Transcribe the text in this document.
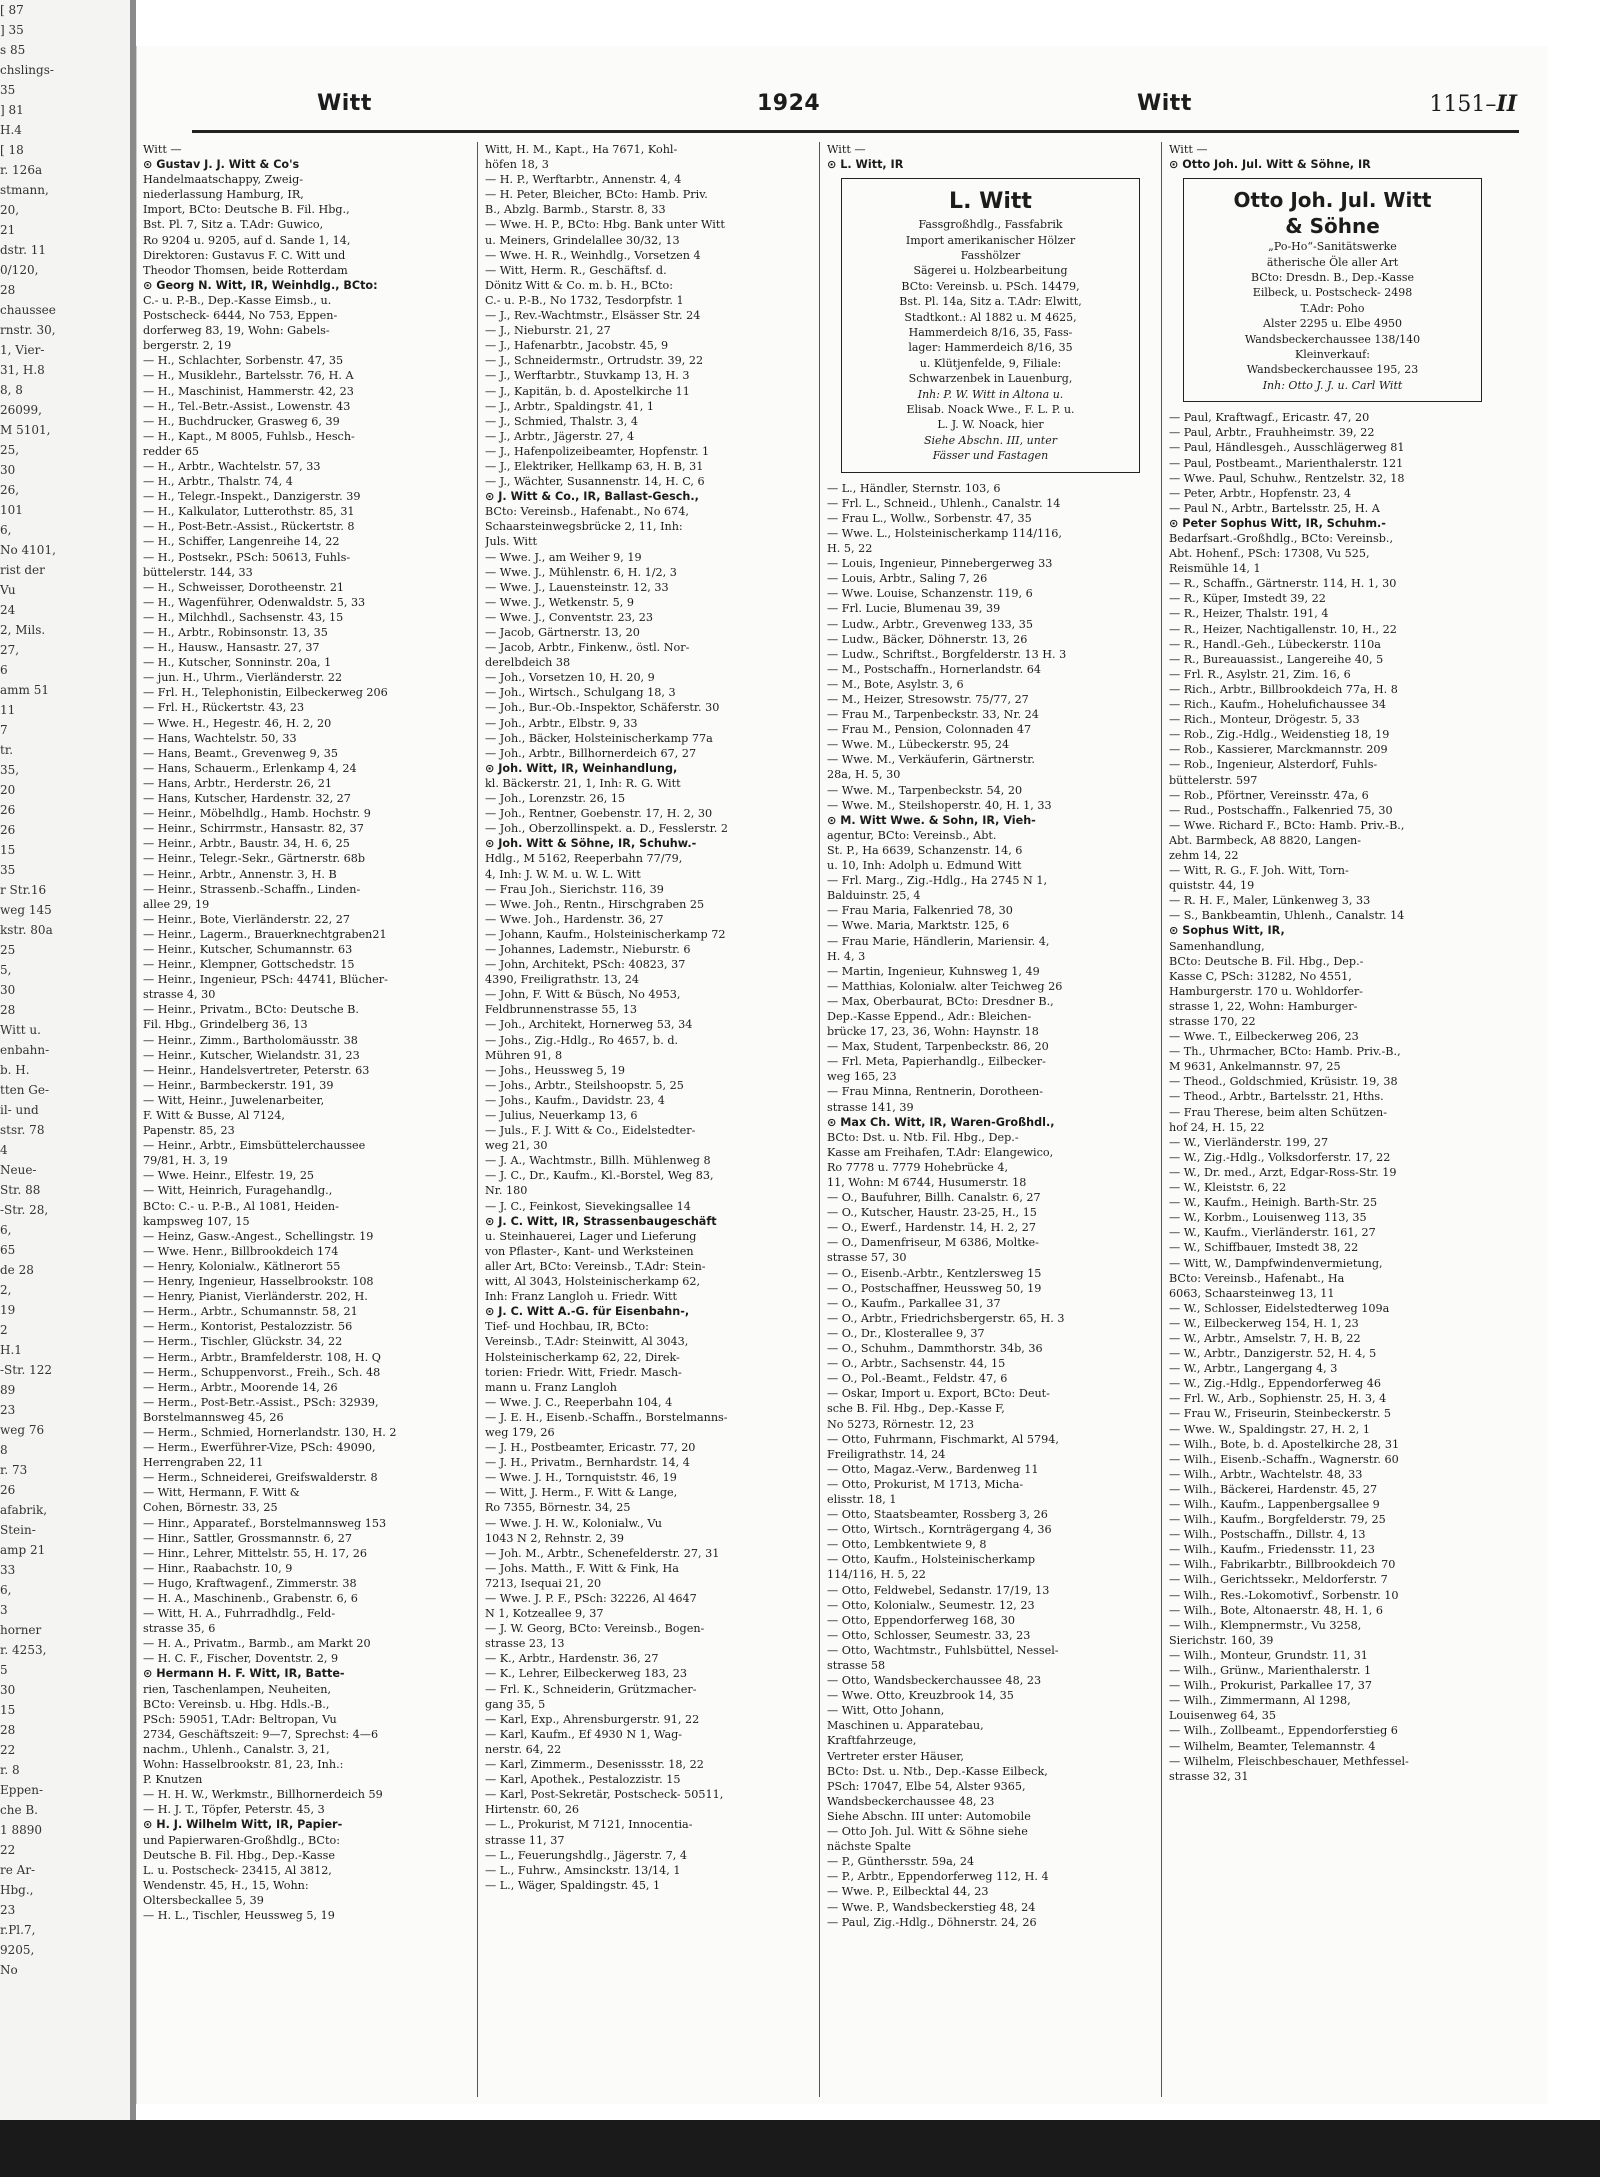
[ 87
] 35
s 85
chslings-
35
] 81
H.4
[ 18
r. 126a
stmann,
20,
21
dstr. 11
0/120,
28
chaussee
rnstr. 30,
1, Vier-
31, H.8
8, 8
26099,
M 5101,
25,
30
26,
101
6,
No 4101,
rist der
Vu
24
2, Mils.
27,
6
amm 51
11
7
tr.
35,
20
26
26
15
35
r Str.16
weg 145
kstr. 80a
25
5,
30
28
Witt u.
enbahn-
b. H.
tten Ge-
il- und
stsr. 78
4
Neue-
Str. 88
-Str. 28,
6,
65
de 28
2,
19
2
H.1
-Str. 122
89
23
weg 76
8
r. 73
26
afabrik,
Stein-
amp 21
33
6,
3
horner
r. 4253,
5
30
15
28
22
r. 8
Eppen-
che B.
1 8890
22
re Ar-
Hbg.,
23
r.Pl.7,
9205,
No
Witt	1924	Witt	1151–II
Witt —
⊙ Gustav J. J. Witt & Co's
Handelmaatschappy, Zweig-
niederlassung Hamburg, IR,
Import, BCto: Deutsche B. Fil. Hbg.,
Bst. Pl. 7, Sitz a. T.Adr: Guwico,
Ro 9204 u. 9205, auf d. Sande 1, 14,
Direktoren: Gustavus F. C. Witt und
Theodor Thomsen, beide Rotterdam
⊙ Georg N. Witt, IR, Weinhdlg., BCto:
C.- u. P.-B., Dep.-Kasse Eimsb., u.
Postscheck- 6444, No 753, Eppen-
dorferweg 83, 19, Wohn: Gabels-
bergerstr. 2, 19
— H., Schlachter, Sorbenstr. 47, 35
— H., Musiklehr., Bartelsstr. 76, H. A
— H., Maschinist, Hammerstr. 42, 23
— H., Tel.-Betr.-Assist., Lowenstr. 43
— H., Buchdrucker, Grasweg 6, 39
— H., Kapt., M 8005, Fuhlsb., Hesch-
redder 65
— H., Arbtr., Wachtelstr. 57, 33
— H., Arbtr., Thalstr. 74, 4
— H., Telegr.-Inspekt., Danzigerstr. 39
— H., Kalkulator, Lutterothstr. 85, 31
— H., Post-Betr.-Assist., Rückertstr. 8
— H., Schiffer, Langenreihe 14, 22
— H., Postsekr., PSch: 50613, Fuhls-
büttelerstr. 144, 33
— H., Schweisser, Dorotheenstr. 21
— H., Wagenführer, Odenwaldstr. 5, 33
— H., Milchhdl., Sachsenstr. 43, 15
— H., Arbtr., Robinsonstr. 13, 35
— H., Hausw., Hansastr. 27, 37
— H., Kutscher, Sonninstr. 20a, 1
— jun. H., Uhrm., Vierländerstr. 22
— Frl. H., Telephonistin, Eilbeckerweg 206
— Frl. H., Rückertstr. 43, 23
— Wwe. H., Hegestr. 46, H. 2, 20
— Hans, Wachtelstr. 50, 33
— Hans, Beamt., Grevenweg 9, 35
— Hans, Schauerm., Erlenkamp 4, 24
— Hans, Arbtr., Herderstr. 26, 21
— Hans, Kutscher, Hardenstr. 32, 27
— Heinr., Möbelhdlg., Hamb. Hochstr. 9
— Heinr., Schirrmstr., Hansastr. 82, 37
— Heinr., Arbtr., Baustr. 34, H. 6, 25
— Heinr., Telegr.-Sekr., Gärtnerstr. 68b
— Heinr., Arbtr., Annenstr. 3, H. B
— Heinr., Strassenb.-Schaffn., Linden-
allee 29, 19
— Heinr., Bote, Vierländerstr. 22, 27
— Heinr., Lagerm., Brauerknechtgraben21
— Heinr., Kutscher, Schumannstr. 63
— Heinr., Klempner, Gottschedstr. 15
— Heinr., Ingenieur, PSch: 44741, Blücher-
strasse 4, 30
— Heinr., Privatm., BCto: Deutsche B.
Fil. Hbg., Grindelberg 36, 13
— Heinr., Zimm., Bartholomäusstr. 38
— Heinr., Kutscher, Wielandstr. 31, 23
— Heinr., Handelsvertreter, Peterstr. 63
— Heinr., Barmbeckerstr. 191, 39
— Witt, Heinr., Juwelenarbeiter,
F. Witt & Busse, Al 7124,
Papenstr. 85, 23
— Heinr., Arbtr., Eimsbüttelerchaussee
79/81, H. 3, 19
— Wwe. Heinr., Elfestr. 19, 25
— Witt, Heinrich, Furagehandlg.,
BCto: C.- u. P.-B., Al 1081, Heiden-
kampsweg 107, 15
— Heinz, Gasw.-Angest., Schellingstr. 19
— Wwe. Henr., Billbrookdeich 174
— Henry, Kolonialw., Kätlnerort 55
— Henry, Ingenieur, Hasselbrookstr. 108
— Henry, Pianist, Vierländerstr. 202, H.
— Herm., Arbtr., Schumannstr. 58, 21
— Herm., Kontorist, Pestalozzistr. 56
— Herm., Tischler, Glückstr. 34, 22
— Herm., Arbtr., Bramfelderstr. 108, H. Q
— Herm., Schuppenvorst., Freih., Sch. 48
— Herm., Arbtr., Moorende 14, 26
— Herm., Post-Betr.-Assist., PSch: 32939,
Borstelmannsweg 45, 26
— Herm., Schmied, Hornerlandstr. 130, H. 2
— Herm., Ewerführer-Vize, PSch: 49090,
Herrengraben 22, 11
— Herm., Schneiderei, Greifswalderstr. 8
— Witt, Hermann, F. Witt &
Cohen, Börnestr. 33, 25
— Hinr., Apparatef., Borstelmannsweg 153
— Hinr., Sattler, Grossmannstr. 6, 27
— Hinr., Lehrer, Mittelstr. 55, H. 17, 26
— Hinr., Raabachstr. 10, 9
— Hugo, Kraftwagenf., Zimmerstr. 38
— H. A., Maschinenb., Grabenstr. 6, 6
— Witt, H. A., Fuhrradhdlg., Feld-
strasse 35, 6
— H. A., Privatm., Barmb., am Markt 20
— H. C. F., Fischer, Doventstr. 2, 9
⊙ Hermann H. F. Witt, IR, Batte-
rien, Taschenlampen, Neuheiten,
BCto: Vereinsb. u. Hbg. Hdls.-B.,
PSch: 59051, T.Adr: Beltropan, Vu
2734, Geschäftszeit: 9—7, Sprechst: 4—6
nachm., Uhlenh., Canalstr. 3, 21,
Wohn: Hasselbrookstr. 81, 23, Inh.:
P. Knutzen
— H. H. W., Werkmstr., Billhornerdeich 59
— H. J. T., Töpfer, Peterstr. 45, 3
⊙ H. J. Wilhelm Witt, IR, Papier-
und Papierwaren-Großhdlg., BCto:
Deutsche B. Fil. Hbg., Dep.-Kasse
L. u. Postscheck- 23415, Al 3812,
Wendenstr. 45, H., 15, Wohn:
Oltersbeckallee 5, 39
— H. L., Tischler, Heussweg 5, 19
Witt, H. M., Kapt., Ha 7671, Kohl-
höfen 18, 3
— H. P., Werftarbtr., Annenstr. 4, 4
— H. Peter, Bleicher, BCto: Hamb. Priv.
B., Abzlg. Barmb., Starstr. 8, 33
— Wwe. H. P., BCto: Hbg. Bank unter Witt
u. Meiners, Grindelallee 30/32, 13
— Wwe. H. R., Weinhdlg., Vorsetzen 4
— Witt, Herm. R., Geschäftsf. d.
Dönitz Witt & Co. m. b. H., BCto:
C.- u. P.-B., No 1732, Tesdorpfstr. 1
— J., Rev.-Wachtmstr., Elsässer Str. 24
— J., Nieburstr. 21, 27
— J., Hafenarbtr., Jacobstr. 45, 9
— J., Schneidermstr., Ortrudstr. 39, 22
— J., Werftarbtr., Stuvkamp 13, H. 3
— J., Kapitän, b. d. Apostelkirche 11
— J., Arbtr., Spaldingstr. 41, 1
— J., Schmied, Thalstr. 3, 4
— J., Arbtr., Jägerstr. 27, 4
— J., Hafenpolizeibeamter, Hopfenstr. 1
— J., Elektriker, Hellkamp 63, H. B, 31
— J., Wächter, Susannenstr. 14, H. C, 6
⊙ J. Witt & Co., IR, Ballast-Gesch.,
BCto: Vereinsb., Hafenabt., No 674,
Schaarsteinwegsbrücke 2, 11, Inh:
Juls. Witt
— Wwe. J., am Weiher 9, 19
— Wwe. J., Mühlenstr. 6, H. 1/2, 3
— Wwe. J., Lauensteinstr. 12, 33
— Wwe. J., Wetkenstr. 5, 9
— Wwe. J., Conventstr. 23, 23
— Jacob, Gärtnerstr. 13, 20
— Jacob, Arbtr., Finkenw., östl. Nor-
derelbdeich 38
— Joh., Vorsetzen 10, H. 20, 9
— Joh., Wirtsch., Schulgang 18, 3
— Joh., Bur.-Ob.-Inspektor, Schäferstr. 30
— Joh., Arbtr., Elbstr. 9, 33
— Joh., Bäcker, Holsteinischerkamp 77a
— Joh., Arbtr., Billhornerdeich 67, 27
⊙ Joh. Witt, IR, Weinhandlung,
kl. Bäckerstr. 21, 1, Inh: R. G. Witt
— Joh., Lorenzstr. 26, 15
— Joh., Rentner, Goebenstr. 17, H. 2, 30
— Joh., Oberzollinspekt. a. D., Fesslerstr. 2
⊙ Joh. Witt & Söhne, IR, Schuhw.-
Hdlg., M 5162, Reeperbahn 77/79,
4, Inh: J. W. M. u. W. L. Witt
— Frau Joh., Sierichstr. 116, 39
— Wwe. Joh., Rentn., Hirschgraben 25
— Wwe. Joh., Hardenstr. 36, 27
— Johann, Kaufm., Holsteinischerkamp 72
— Johannes, Lademstr., Nieburstr. 6
— John, Architekt, PSch: 40823, 37
4390, Freiligrathstr. 13, 24
— John, F. Witt & Büsch, No 4953,
Feldbrunnenstrasse 55, 13
— Joh., Architekt, Hornerweg 53, 34
— Johs., Zig.-Hdlg., Ro 4657, b. d.
Mühren 91, 8
— Johs., Heussweg 5, 19
— Johs., Arbtr., Steilshoopstr. 5, 25
— Johs., Kaufm., Davidstr. 23, 4
— Julius, Neuerkamp 13, 6
— Juls., F. J. Witt & Co., Eidelstedter-
weg 21, 30
— J. A., Wachtmstr., Billh. Mühlenweg 8
— J. C., Dr., Kaufm., Kl.-Borstel, Weg 83,
Nr. 180
— J. C., Feinkost, Sievekingsallee 14
⊙ J. C. Witt, IR, Strassenbaugeschäft
u. Steinhauerei, Lager und Lieferung
von Pflaster-, Kant- und Werksteinen
aller Art, BCto: Vereinsb., T.Adr: Stein-
witt, Al 3043, Holsteinischerkamp 62,
Inh: Franz Langloh u. Friedr. Witt
⊙ J. C. Witt A.-G. für Eisenbahn-,
Tief- und Hochbau, IR, BCto:
Vereinsb., T.Adr: Steinwitt, Al 3043,
Holsteinischerkamp 62, 22, Direk-
torien: Friedr. Witt, Friedr. Masch-
mann u. Franz Langloh
— Wwe. J. C., Reeperbahn 104, 4
— J. E. H., Eisenb.-Schaffn., Borstelmanns-
weg 179, 26
— J. H., Postbeamter, Ericastr. 77, 20
— J. H., Privatm., Bernhardstr. 14, 4
— Wwe. J. H., Tornquiststr. 46, 19
— Witt, J. Herm., F. Witt & Lange,
Ro 7355, Börnestr. 34, 25
— Wwe. J. H. W., Kolonialw., Vu
1043 N 2, Rehnstr. 2, 39
— Joh. M., Arbtr., Schenefelderstr. 27, 31
— Johs. Matth., F. Witt & Fink, Ha
7213, Isequai 21, 20
— Wwe. J. P. F., PSch: 32226, Al 4647
N 1, Kotzeallee 9, 37
— J. W. Georg, BCto: Vereinsb., Bogen-
strasse 23, 13
— K., Arbtr., Hardenstr. 36, 27
— K., Lehrer, Eilbeckerweg 183, 23
— Frl. K., Schneiderin, Grützmacher-
gang 35, 5
— Karl, Exp., Ahrensburgerstr. 91, 22
— Karl, Kaufm., Ef 4930 N 1, Wag-
nerstr. 64, 22
— Karl, Zimmerm., Desenissstr. 18, 22
— Karl, Apothek., Pestalozzistr. 15
— Karl, Post-Sekretär, Postscheck- 50511,
Hirtenstr. 60, 26
— L., Prokurist, M 7121, Innocentia-
strasse 11, 37
— L., Feuerungshdlg., Jägerstr. 7, 4
— L., Fuhrw., Amsinckstr. 13/14, 1
— L., Wäger, Spaldingstr. 45, 1
Witt —
⊙ L. Witt, IR
L. Witt
Fassgroßhdlg., Fassfabrik
Import amerikanischer Hölzer
Fasshölzer
Sägerei u. Holzbearbeitung
BCto: Vereinsb. u. PSch. 14479,
Bst. Pl. 14a, Sitz a. T.Adr: Elwitt,
Stadtkont.: Al 1882 u. M 4625,
Hammerdeich 8/16, 35, Fass-
lager: Hammerdeich 8/16, 35
u. Klütjenfelde, 9, Filiale:
Schwarzenbek in Lauenburg,
Inh: P. W. Witt in Altona u.
Elisab. Noack Wwe., F. L. P. u.
L. J. W. Noack, hier
Siehe Abschn. III, unter
Fässer und Fastagen
— L., Händler, Sternstr. 103, 6
— Frl. L., Schneid., Uhlenh., Canalstr. 14
— Frau L., Wollw., Sorbenstr. 47, 35
— Wwe. L., Holsteinischerkamp 114/116,
H. 5, 22
— Louis, Ingenieur, Pinnebergerweg 33
— Louis, Arbtr., Saling 7, 26
— Wwe. Louise, Schanzenstr. 119, 6
— Frl. Lucie, Blumenau 39, 39
— Ludw., Arbtr., Grevenweg 133, 35
— Ludw., Bäcker, Döhnerstr. 13, 26
— Ludw., Schriftst., Borgfelderstr. 13 H. 3
— M., Postschaffn., Hornerlandstr. 64
— M., Bote, Asylstr. 3, 6
— M., Heizer, Stresowstr. 75/77, 27
— Frau M., Tarpenbeckstr. 33, Nr. 24
— Frau M., Pension, Colonnaden 47
— Wwe. M., Lübeckerstr. 95, 24
— Wwe. M., Verkäuferin, Gärtnerstr.
28a, H. 5, 30
— Wwe. M., Tarpenbeckstr. 54, 20
— Wwe. M., Steilshoperstr. 40, H. 1, 33
⊙ M. Witt Wwe. & Sohn, IR, Vieh-
agentur, BCto: Vereinsb., Abt.
St. P., Ha 6639, Schanzenstr. 14, 6
u. 10, Inh: Adolph u. Edmund Witt
— Frl. Marg., Zig.-Hdlg., Ha 2745 N 1,
Balduinstr. 25, 4
— Frau Maria, Falkenried 78, 30
— Wwe. Maria, Marktstr. 125, 6
— Frau Marie, Händlerin, Mariensir. 4,
H. 4, 3
— Martin, Ingenieur, Kuhnsweg 1, 49
— Matthias, Kolonialw. alter Teichweg 26
— Max, Oberbaurat, BCto: Dresdner B.,
Dep.-Kasse Eppend., Adr.: Bleichen-
brücke 17, 23, 36, Wohn: Haynstr. 18
— Max, Student, Tarpenbeckstr. 86, 20
— Frl. Meta, Papierhandlg., Eilbecker-
weg 165, 23
— Frau Minna, Rentnerin, Dorotheen-
strasse 141, 39
⊙ Max Ch. Witt, IR, Waren-Großhdl.,
BCto: Dst. u. Ntb. Fil. Hbg., Dep.-
Kasse am Freihafen, T.Adr: Elangewico,
Ro 7778 u. 7779 Hohebrücke 4,
11, Wohn: M 6744, Husumerstr. 18
— O., Baufuhrer, Billh. Canalstr. 6, 27
— O., Kutscher, Haustr. 23-25, H., 15
— O., Ewerf., Hardenstr. 14, H. 2, 27
— O., Damenfriseur, M 6386, Moltke-
strasse 57, 30
— O., Eisenb.-Arbtr., Kentzlersweg 15
— O., Postschaffner, Heussweg 50, 19
— O., Kaufm., Parkallee 31, 37
— O., Arbtr., Friedrichsbergerstr. 65, H. 3
— O., Dr., Klosterallee 9, 37
— O., Schuhm., Dammthorstr. 34b, 36
— O., Arbtr., Sachsenstr. 44, 15
— O., Pol.-Beamt., Feldstr. 47, 6
— Oskar, Import u. Export, BCto: Deut-
sche B. Fil. Hbg., Dep.-Kasse F,
No 5273, Rörnestr. 12, 23
— Otto, Fuhrmann, Fischmarkt, Al 5794,
Freiligrathstr. 14, 24
— Otto, Magaz.-Verw., Bardenweg 11
— Otto, Prokurist, M 1713, Micha-
elisstr. 18, 1
— Otto, Staatsbeamter, Rossberg 3, 26
— Otto, Wirtsch., Kornträgergang 4, 36
— Otto, Lembkentwiete 9, 8
— Otto, Kaufm., Holsteinischerkamp
114/116, H. 5, 22
— Otto, Feldwebel, Sedanstr. 17/19, 13
— Otto, Kolonialw., Seumestr. 12, 23
— Otto, Eppendorferweg 168, 30
— Otto, Schlosser, Seumestr. 33, 23
— Otto, Wachtmstr., Fuhlsbüttel, Nessel-
strasse 58
— Otto, Wandsbeckerchaussee 48, 23
— Wwe. Otto, Kreuzbrook 14, 35
— Witt, Otto Johann,
Maschinen u. Apparatebau,
Kraftfahrzeuge,
Vertreter erster Häuser,
BCto: Dst. u. Ntb., Dep.-Kasse Eilbeck,
PSch: 17047, Elbe 54, Alster 9365,
Wandsbeckerchaussee 48, 23
Siehe Abschn. III unter: Automobile
— Otto Joh. Jul. Witt & Söhne siehe
nächste Spalte
— P., Günthersstr. 59a, 24
— P., Arbtr., Eppendorferweg 112, H. 4
— Wwe. P., Eilbecktal 44, 23
— Wwe. P., Wandsbeckerstieg 48, 24
— Paul, Zig.-Hdlg., Döhnerstr. 24, 26
Witt —
⊙ Otto Joh. Jul. Witt & Söhne, IR
Otto Joh. Jul. Witt
& Söhne
„Po-Ho“-Sanitätswerke
ätherische Öle aller Art
BCto: Dresdn. B., Dep.-Kasse
Eilbeck, u. Postscheck- 2498
T.Adr: Poho
Alster 2295 u. Elbe 4950
Wandsbeckerchaussee 138/140
Kleinverkauf:
Wandsbeckerchaussee 195, 23
Inh: Otto J. J. u. Carl Witt
— Paul, Kraftwagf., Ericastr. 47, 20
— Paul, Arbtr., Frauhheimstr. 39, 22
— Paul, Händlesgeh., Ausschlägerweg 81
— Paul, Postbeamt., Marienthalerstr. 121
— Wwe. Paul, Schuhw., Rentzelstr. 32, 18
— Peter, Arbtr., Hopfenstr. 23, 4
— Paul N., Arbtr., Bartelsstr. 25, H. A
⊙ Peter Sophus Witt, IR, Schuhm.-
Bedarfsart.-Großhdlg., BCto: Vereinsb.,
Abt. Hohenf., PSch: 17308, Vu 525,
Reismühle 14, 1
— R., Schaffn., Gärtnerstr. 114, H. 1, 30
— R., Küper, Imstedt 39, 22
— R., Heizer, Thalstr. 191, 4
— R., Heizer, Nachtigallenstr. 10, H., 22
— R., Handl.-Geh., Lübeckerstr. 110a
— R., Bureauassist., Langereihe 40, 5
— Frl. R., Asylstr. 21, Zim. 16, 6
— Rich., Arbtr., Billbrookdeich 77a, H. 8
— Rich., Kaufm., Hohelufichaussee 34
— Rich., Monteur, Drögestr. 5, 33
— Rob., Zig.-Hdlg., Weidenstieg 18, 19
— Rob., Kassierer, Marckmannstr. 209
— Rob., Ingenieur, Alsterdorf, Fuhls-
büttelerstr. 597
— Rob., Pförtner, Vereinsstr. 47a, 6
— Rud., Postschaffn., Falkenried 75, 30
— Wwe. Richard F., BCto: Hamb. Priv.-B.,
Abt. Barmbeck, A8 8820, Langen-
zehm 14, 22
— Witt, R. G., F. Joh. Witt, Torn-
quiststr. 44, 19
— R. H. F., Maler, Lünkenweg 3, 33
— S., Bankbeamtin, Uhlenh., Canalstr. 14
⊙ Sophus Witt, IR,
Samenhandlung,
BCto: Deutsche B. Fil. Hbg., Dep.-
Kasse C, PSch: 31282, No 4551,
Hamburgerstr. 170 u. Wohldorfer-
strasse 1, 22, Wohn: Hamburger-
strasse 170, 22
— Wwe. T., Eilbeckerweg 206, 23
— Th., Uhrmacher, BCto: Hamb. Priv.-B.,
M 9631, Ankelmannstr. 97, 25
— Theod., Goldschmied, Krüsistr. 19, 38
— Theod., Arbtr., Bartelsstr. 21, Hths.
— Frau Therese, beim alten Schützen-
hof 24, H. 15, 22
— W., Vierländerstr. 199, 27
— W., Zig.-Hdlg., Volksdorferstr. 17, 22
— W., Dr. med., Arzt, Edgar-Ross-Str. 19
— W., Kleiststr. 6, 22
— W., Kaufm., Heinigh. Barth-Str. 25
— W., Korbm., Louisenweg 113, 35
— W., Kaufm., Vierländerstr. 161, 27
— W., Schiffbauer, Imstedt 38, 22
— Witt, W., Dampfwindenvermietung,
BCto: Vereinsb., Hafenabt., Ha
6063, Schaarsteinweg 13, 11
— W., Schlosser, Eidelstedterweg 109a
— W., Eilbeckerweg 154, H. 1, 23
— W., Arbtr., Amselstr. 7, H. B, 22
— W., Arbtr., Danzigerstr. 52, H. 4, 5
— W., Arbtr., Langergang 4, 3
— W., Zig.-Hdlg., Eppendorferweg 46
— Frl. W., Arb., Sophienstr. 25, H. 3, 4
— Frau W., Friseurin, Steinbeckerstr. 5
— Wwe. W., Spaldingstr. 27, H. 2, 1
— Wilh., Bote, b. d. Apostelkirche 28, 31
— Wilh., Eisenb.-Schaffn., Wagnerstr. 60
— Wilh., Arbtr., Wachtelstr. 48, 33
— Wilh., Bäckerei, Hardenstr. 45, 27
— Wilh., Kaufm., Lappenbergsallee 9
— Wilh., Kaufm., Borgfelderstr. 79, 25
— Wilh., Postschaffn., Dillstr. 4, 13
— Wilh., Kaufm., Friedensstr. 11, 23
— Wilh., Fabrikarbtr., Billbrookdeich 70
— Wilh., Gerichtssekr., Meldorferstr. 7
— Wilh., Res.-Lokomotivf., Sorbenstr. 10
— Wilh., Bote, Altonaerstr. 48, H. 1, 6
— Wilh., Klempnermstr., Vu 3258,
Sierichstr. 160, 39
— Wilh., Monteur, Grundstr. 11, 31
— Wilh., Grünw., Marienthalerstr. 1
— Wilh., Prokurist, Parkallee 17, 37
— Wilh., Zimmermann, Al 1298,
Louisenweg 64, 35
— Wilh., Zollbeamt., Eppendorferstieg 6
— Wilhelm, Beamter, Telemannstr. 4
— Wilhelm, Fleischbeschauer, Methfessel-
strasse 32, 31
